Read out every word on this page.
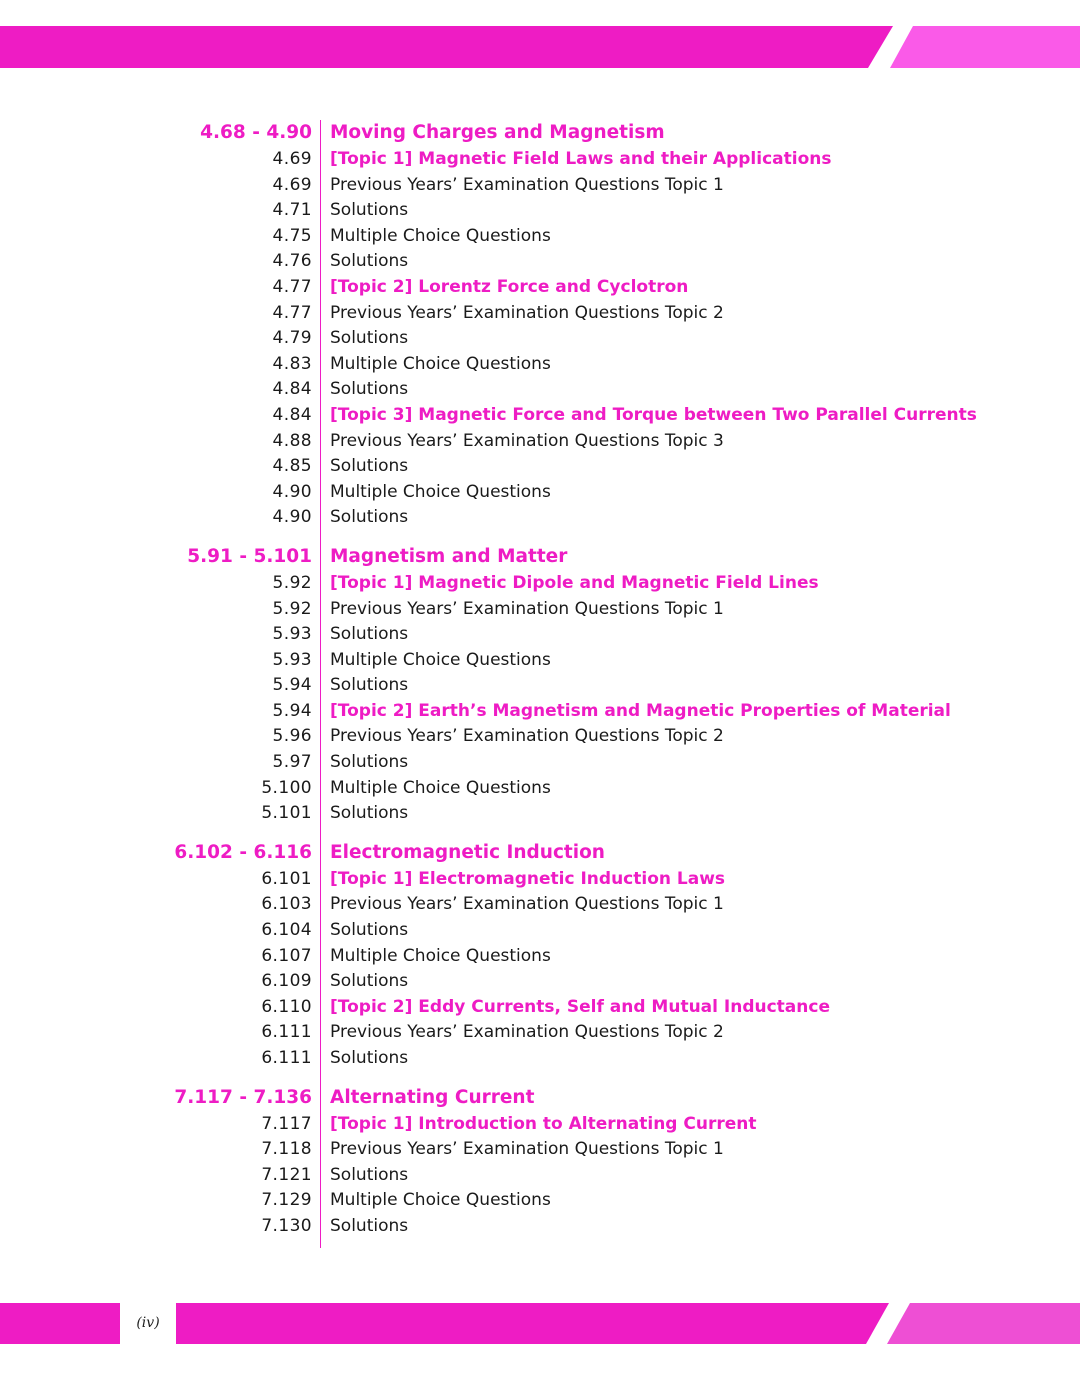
4.68 - 4.90 Moving Charges and Magnetism
4.69 [Topic 1] Magnetic Field Laws and their Applications
4.69 Previous Years’ Examination Questions Topic 1
4.71 Solutions
4.75 Multiple Choice Questions
4.76 Solutions
4.77 [Topic 2] Lorentz Force and Cyclotron
4.77 Previous Years’ Examination Questions Topic 2
4.79 Solutions
4.83 Multiple Choice Questions
4.84 Solutions
4.84 [Topic 3] Magnetic Force and Torque between Two Parallel Currents
4.88 Previous Years’ Examination Questions Topic 3
4.85 Solutions
4.90 Multiple Choice Questions
4.90 Solutions
5.91 - 5.101 Magnetism and Matter
5.92 [Topic 1] Magnetic Dipole and Magnetic Field Lines
5.92 Previous Years’ Examination Questions Topic 1
5.93 Solutions
5.93 Multiple Choice Questions
5.94 Solutions
5.94 [Topic 2] Earth’s Magnetism and Magnetic Properties of Material
5.96 Previous Years’ Examination Questions Topic 2
5.97 Solutions
5.100 Multiple Choice Questions
5.101 Solutions
6.102 - 6.116 Electromagnetic Induction
6.101 [Topic 1] Electromagnetic Induction Laws
6.103 Previous Years’ Examination Questions Topic 1
6.104 Solutions
6.107 Multiple Choice Questions
6.109 Solutions
6.110 [Topic 2] Eddy Currents, Self and Mutual Inductance
6.111 Previous Years’ Examination Questions Topic 2
6.111 Solutions
7.117 - 7.136 Alternating Current
7.117 [Topic 1] Introduction to Alternating Current
7.118 Previous Years’ Examination Questions Topic 1
7.121 Solutions
7.129 Multiple Choice Questions
7.130 Solutions
(iv)
